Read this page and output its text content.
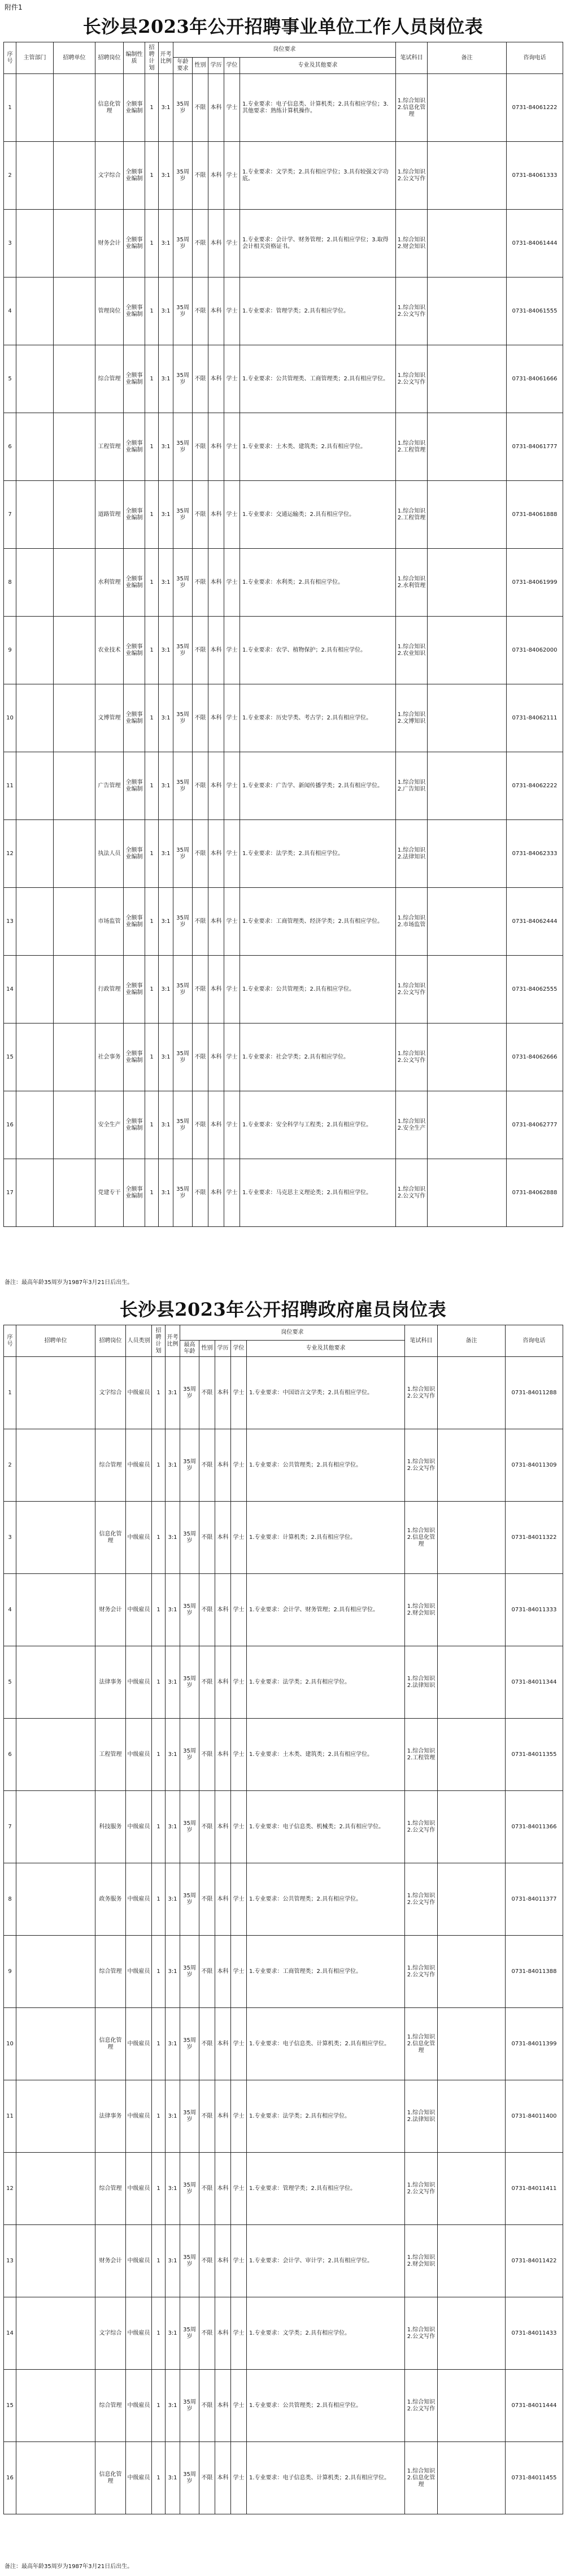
附件1
长沙县2023年公开招聘事业单位工作人员岗位表
序号	主管部门	招聘单位	招聘岗位	编制性质	招聘计划	开考比例	岗位要求					笔试科目	备注	咨询电话
							年龄要求	性别	学历	学位	专业及其他要求			
1			信息化管理	全额事业编制	1	3:1	35周岁	不限	本科	学士	1.专业要求：电子信息类、计算机类；2.具有相应学位；3.其他要求：熟练计算机操作。	1.综合知识2.信息化管理		0731-84061222
2			文字综合	全额事业编制	1	3:1	35周岁	不限	本科	学士	1.专业要求：文学类；2.具有相应学位；3.具有较强文字功底。	1.综合知识2.公文写作		0731-84061333
3			财务会计	全额事业编制	1	3:1	35周岁	不限	本科	学士	1.专业要求：会计学、财务管理；2.具有相应学位；3.取得会计相关资格证书。	1.综合知识2.财会知识		0731-84061444
4			管理岗位	全额事业编制	1	3:1	35周岁	不限	本科	学士	1.专业要求：管理学类；2.具有相应学位。	1.综合知识2.公文写作		0731-84061555
5			综合管理	全额事业编制	1	3:1	35周岁	不限	本科	学士	1.专业要求：公共管理类、工商管理类；2.具有相应学位。	1.综合知识2.公文写作		0731-84061666
6			工程管理	全额事业编制	1	3:1	35周岁	不限	本科	学士	1.专业要求：土木类、建筑类；2.具有相应学位。	1.综合知识2.工程管理		0731-84061777
7			道路管理	全额事业编制	1	3:1	35周岁	不限	本科	学士	1.专业要求：交通运输类；2.具有相应学位。	1.综合知识2.工程管理		0731-84061888
8			水利管理	全额事业编制	1	3:1	35周岁	不限	本科	学士	1.专业要求：水利类；2.具有相应学位。	1.综合知识2.水利管理		0731-84061999
9			农业技术	全额事业编制	1	3:1	35周岁	不限	本科	学士	1.专业要求：农学、植物保护；2.具有相应学位。	1.综合知识2.农业知识		0731-84062000
10			文博管理	全额事业编制	1	3:1	35周岁	不限	本科	学士	1.专业要求：历史学类、考古学；2.具有相应学位。	1.综合知识2.文博知识		0731-84062111
11			广告管理	全额事业编制	1	3:1	35周岁	不限	本科	学士	1.专业要求：广告学、新闻传播学类；2.具有相应学位。	1.综合知识2.广告知识		0731-84062222
12			执法人员	全额事业编制	1	3:1	35周岁	不限	本科	学士	1.专业要求：法学类；2.具有相应学位。	1.综合知识2.法律知识		0731-84062333
13			市场监管	全额事业编制	1	3:1	35周岁	不限	本科	学士	1.专业要求：工商管理类、经济学类；2.具有相应学位。	1.综合知识2.市场监管		0731-84062444
14			行政管理	全额事业编制	1	3:1	35周岁	不限	本科	学士	1.专业要求：公共管理类；2.具有相应学位。	1.综合知识2.公文写作		0731-84062555
15			社会事务	全额事业编制	1	3:1	35周岁	不限	本科	学士	1.专业要求：社会学类；2.具有相应学位。	1.综合知识2.公文写作		0731-84062666
16			安全生产	全额事业编制	1	3:1	35周岁	不限	本科	学士	1.专业要求：安全科学与工程类；2.具有相应学位。	1.综合知识2.安全生产		0731-84062777
17			党建专干	全额事业编制	1	3:1	35周岁	不限	本科	学士	1.专业要求：马克思主义理论类；2.具有相应学位。	1.综合知识2.公文写作		0731-84062888
备注：最高年龄35周岁为1987年3月21日后出生。
长沙县2023年公开招聘政府雇员岗位表
序号	招聘单位	招聘岗位	人员类别	招聘计划	开考比例	岗位要求					笔试科目	备注	咨询电话
						最高年龄	性别	学历	学位	专业及其他要求			
1		文字综合	中级雇员	1	3:1	35周岁	不限	本科	学士	1.专业要求：中国语言文学类；2.具有相应学位。	1.综合知识2.公文写作		0731-84011288
2		综合管理	中级雇员	1	3:1	35周岁	不限	本科	学士	1.专业要求：公共管理类；2.具有相应学位。	1.综合知识2.公文写作		0731-84011309
3		信息化管理	中级雇员	1	3:1	35周岁	不限	本科	学士	1.专业要求：计算机类；2.具有相应学位。	1.综合知识2.信息化管理		0731-84011322
4		财务会计	中级雇员	1	3:1	35周岁	不限	本科	学士	1.专业要求：会计学、财务管理；2.具有相应学位。	1.综合知识2.财会知识		0731-84011333
5		法律事务	中级雇员	1	3:1	35周岁	不限	本科	学士	1.专业要求：法学类；2.具有相应学位。	1.综合知识2.法律知识		0731-84011344
6		工程管理	中级雇员	1	3:1	35周岁	不限	本科	学士	1.专业要求：土木类、建筑类；2.具有相应学位。	1.综合知识2.工程管理		0731-84011355
7		科技服务	中级雇员	1	3:1	35周岁	不限	本科	学士	1.专业要求：电子信息类、机械类；2.具有相应学位。	1.综合知识2.公文写作		0731-84011366
8		政务服务	中级雇员	1	3:1	35周岁	不限	本科	学士	1.专业要求：公共管理类；2.具有相应学位。	1.综合知识2.公文写作		0731-84011377
9		综合管理	中级雇员	1	3:1	35周岁	不限	本科	学士	1.专业要求：工商管理类；2.具有相应学位。	1.综合知识2.公文写作		0731-84011388
10		信息化管理	中级雇员	1	3:1	35周岁	不限	本科	学士	1.专业要求：电子信息类、计算机类；2.具有相应学位。	1.综合知识2.信息化管理		0731-84011399
11		法律事务	中级雇员	1	3:1	35周岁	不限	本科	学士	1.专业要求：法学类；2.具有相应学位。	1.综合知识2.法律知识		0731-84011400
12		综合管理	中级雇员	1	3:1	35周岁	不限	本科	学士	1.专业要求：管理学类；2.具有相应学位。	1.综合知识2.公文写作		0731-84011411
13		财务会计	中级雇员	1	3:1	35周岁	不限	本科	学士	1.专业要求：会计学、审计学；2.具有相应学位。	1.综合知识2.财会知识		0731-84011422
14		文字综合	中级雇员	1	3:1	35周岁	不限	本科	学士	1.专业要求：文学类；2.具有相应学位。	1.综合知识2.公文写作		0731-84011433
15		综合管理	中级雇员	1	3:1	35周岁	不限	本科	学士	1.专业要求：公共管理类；2.具有相应学位。	1.综合知识2.公文写作		0731-84011444
16		信息化管理	中级雇员	1	3:1	35周岁	不限	本科	学士	1.专业要求：电子信息类、计算机类；2.具有相应学位。	1.综合知识2.信息化管理		0731-84011455
备注：最高年龄35周岁为1987年3月21日后出生。
